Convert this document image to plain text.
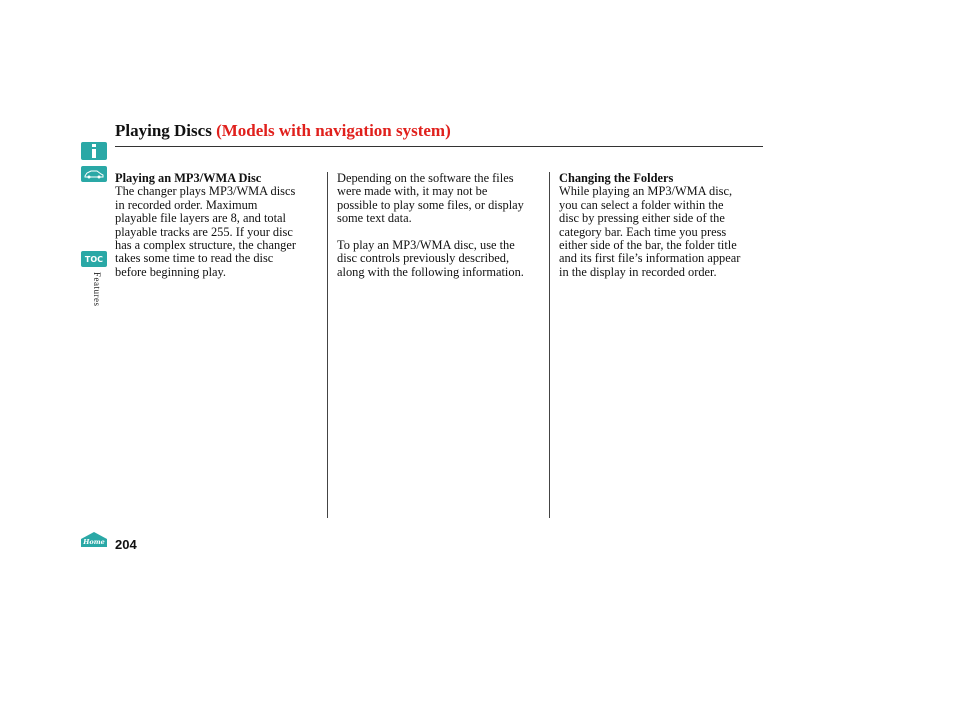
TOC
Features
Home
Playing Discs (Models with navigation system)

Playing an MP3/WMA Disc

The changer plays MP3/WMA discs

in recorded order. Maximum

playable file layers are 8, and total

playable tracks are 255. If your disc

has a complex structure, the changer

takes some time to read the disc

before beginning play.

Depending on the software the files

were made with, it may not be

possible to play some files, or display

some text data.

To play an MP3/WMA disc, use the

disc controls previously described,

along with the following information.

Changing the Folders

While playing an MP3/WMA disc,

you can select a folder within the

disc by pressing either side of the

category bar. Each time you press

either side of the bar, the folder title

and its first file’s information appear

in the display in recorded order.

204
